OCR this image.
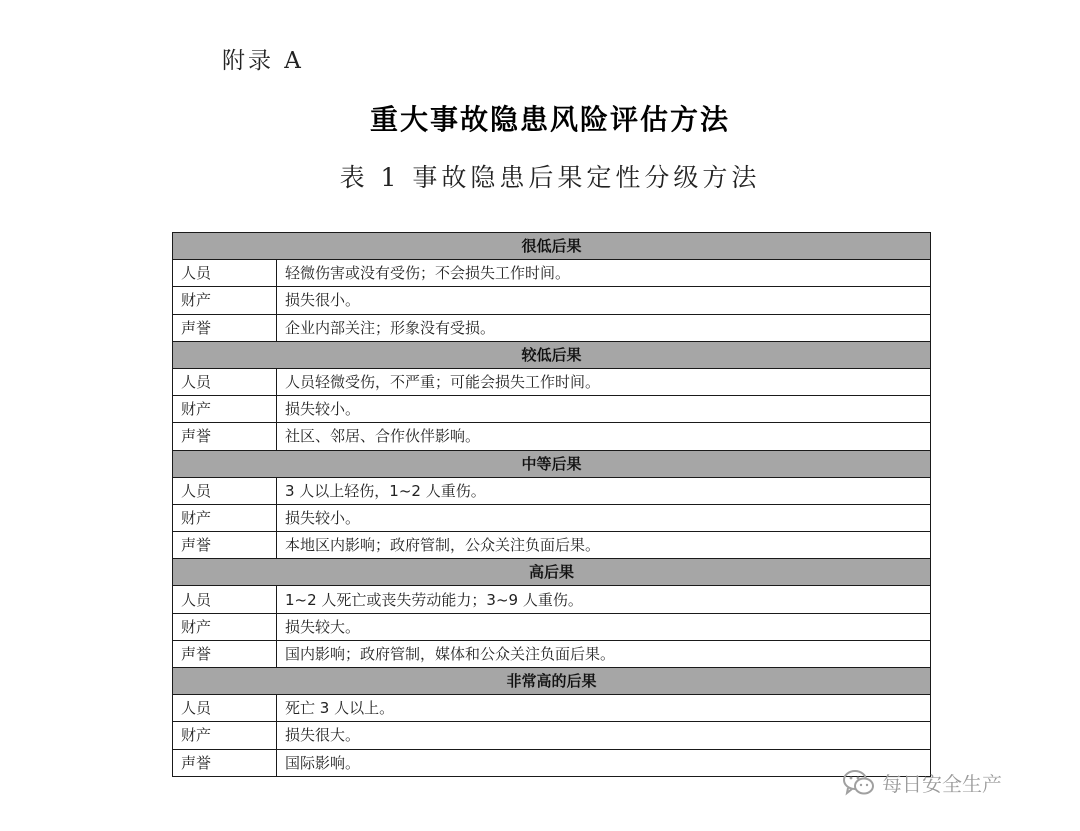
附录 A
重大事故隐患风险评估方法
表 1 事故隐患后果定性分级方法
很低后果	
人员	轻微伤害或没有受伤；不会损失工作时间。
财产	损失很小。
声誉	企业内部关注；形象没有受损。
较低后果	
人员	人员轻微受伤，不严重；可能会损失工作时间。
财产	损失较小。
声誉	社区、邻居、合作伙伴影响。
中等后果	
人员	3 人以上轻伤，1~2 人重伤。
财产	损失较小。
声誉	本地区内影响；政府管制，公众关注负面后果。
高后果	
人员	1~2 人死亡或丧失劳动能力；3~9 人重伤。
财产	损失较大。
声誉	国内影响；政府管制，媒体和公众关注负面后果。
非常高的后果	
人员	死亡 3 人以上。
财产	损失很大。
声誉	国际影响。
每日安全生产
